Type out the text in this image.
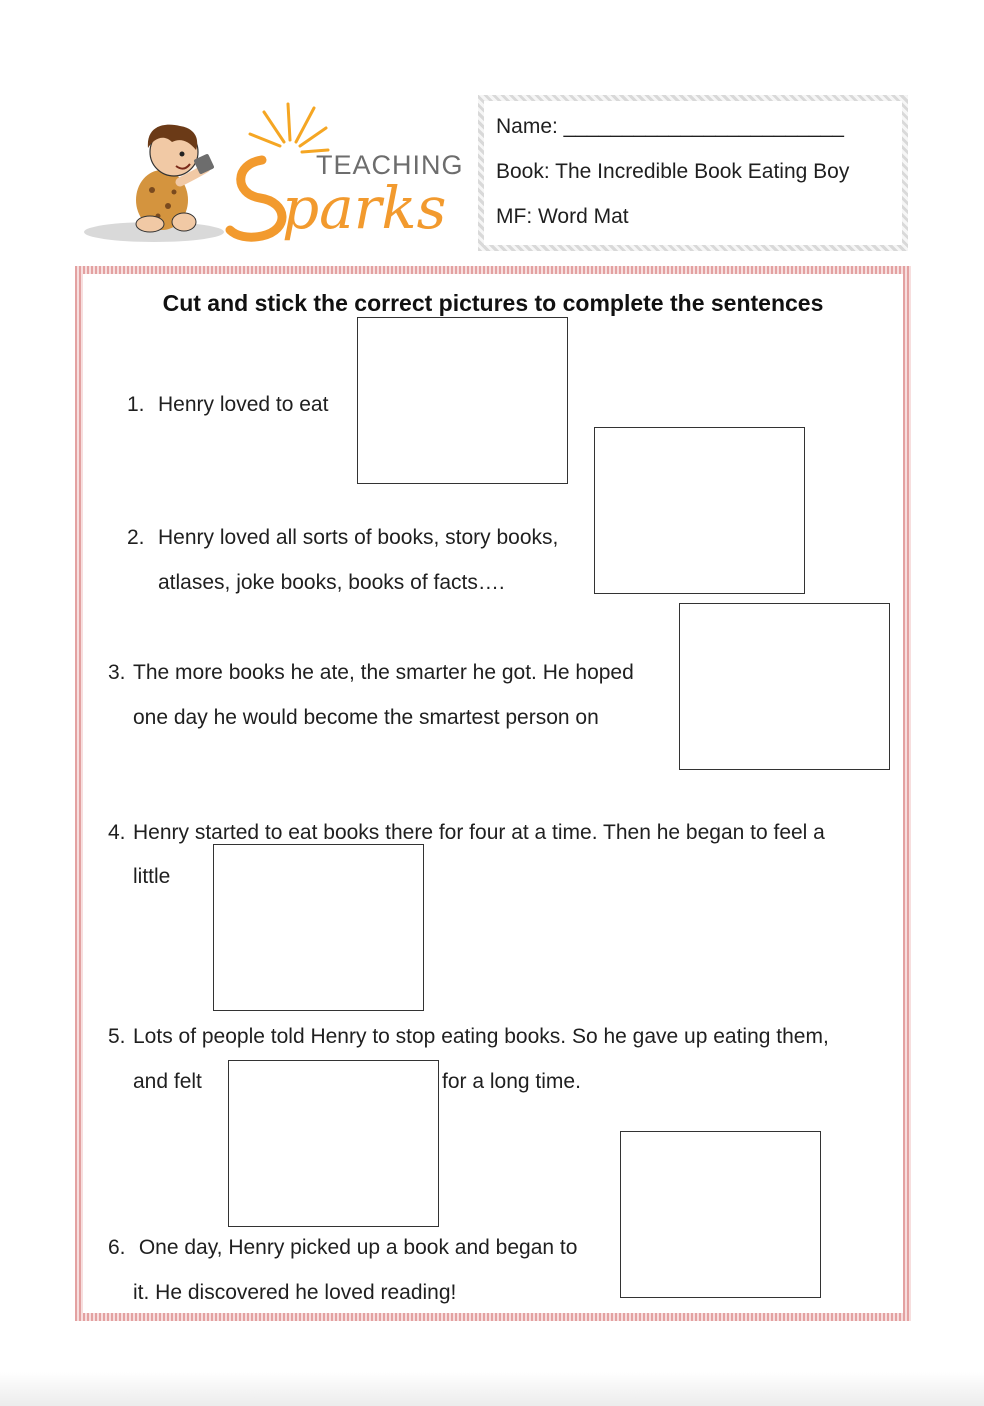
TEACHING
parks
Name: ________________________
Book: The Incredible Book Eating Boy
MF: Word Mat
Cut and stick the correct pictures to complete the sentences
1. Henry loved to eat
2. Henry loved all sorts of books, story books,
atlases, joke books, books of facts….
3. The more books he ate, the smarter he got. He hoped
one day he would become the smartest person on
4. Henry started to eat books there for four at a time. Then he began to feel a
little
5. Lots of people told Henry to stop eating books. So he gave up eating them,
and felt	for a long time.
6. One day, Henry picked up a book and began to
it. He discovered he loved reading!
